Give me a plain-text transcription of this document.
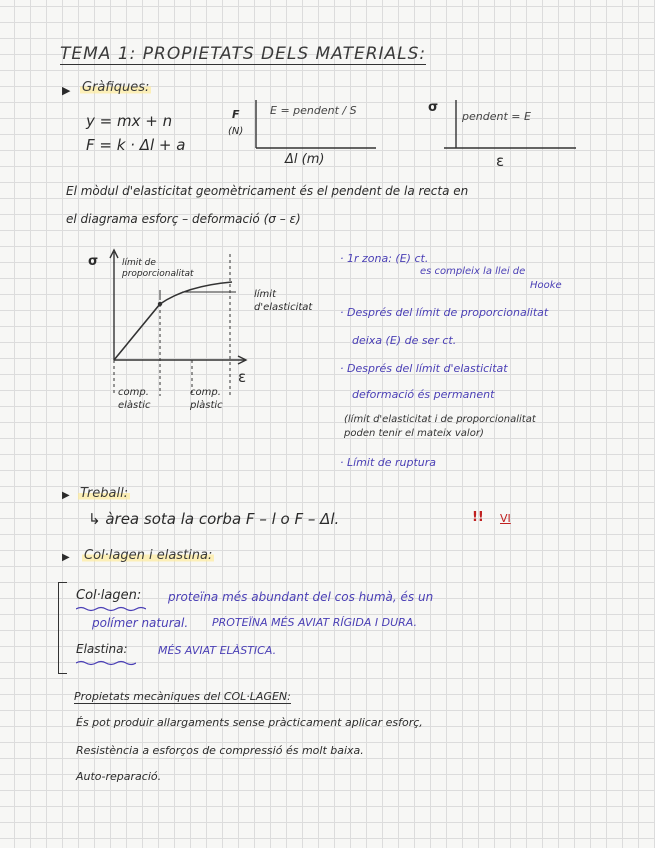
TEMA 1: PROPIETATS DELS MATERIALS:
▶ Gràfiques:
y = mx + n
F = k · Δl + a
F
(N)
E = pendent / S
Δl (m)
σ
pendent = E
ε
El mòdul d'elasticitat geomètricament és el pendent de la recta en
el diagrama esforç – deformació (σ – ε)
σ	límit de proporcionalitat
límit d'elasticitat
ε
comp. elàstic
comp. plàstic
· 1r zona: (E) ct.
es compleix la llei de
Hooke
· Després del límit de proporcionalitat
deixa (E) de ser ct.
· Després del límit d'elasticitat
deformació és permanent
(límit d'elasticitat i de proporcionalitat
poden tenir el mateix valor)
· Límit de ruptura
▶ Treball:
↳ àrea sota la corba F – l o F – Δl.	!! VI
▶ Col·lagen i elastina:
Col·lagen: proteïna més abundant del cos humà, és un
polímer natural. PROTEÏNA MÉS AVIAT RÍGIDA I DURA.
Elastina:	MÉS AVIAT ELÀSTICA.
Propietats mecàniques del COL·LAGEN:
És pot produir allargaments sense pràcticament aplicar esforç,
Resistència a esforços de compressió és molt baixa.
Auto-reparació.
